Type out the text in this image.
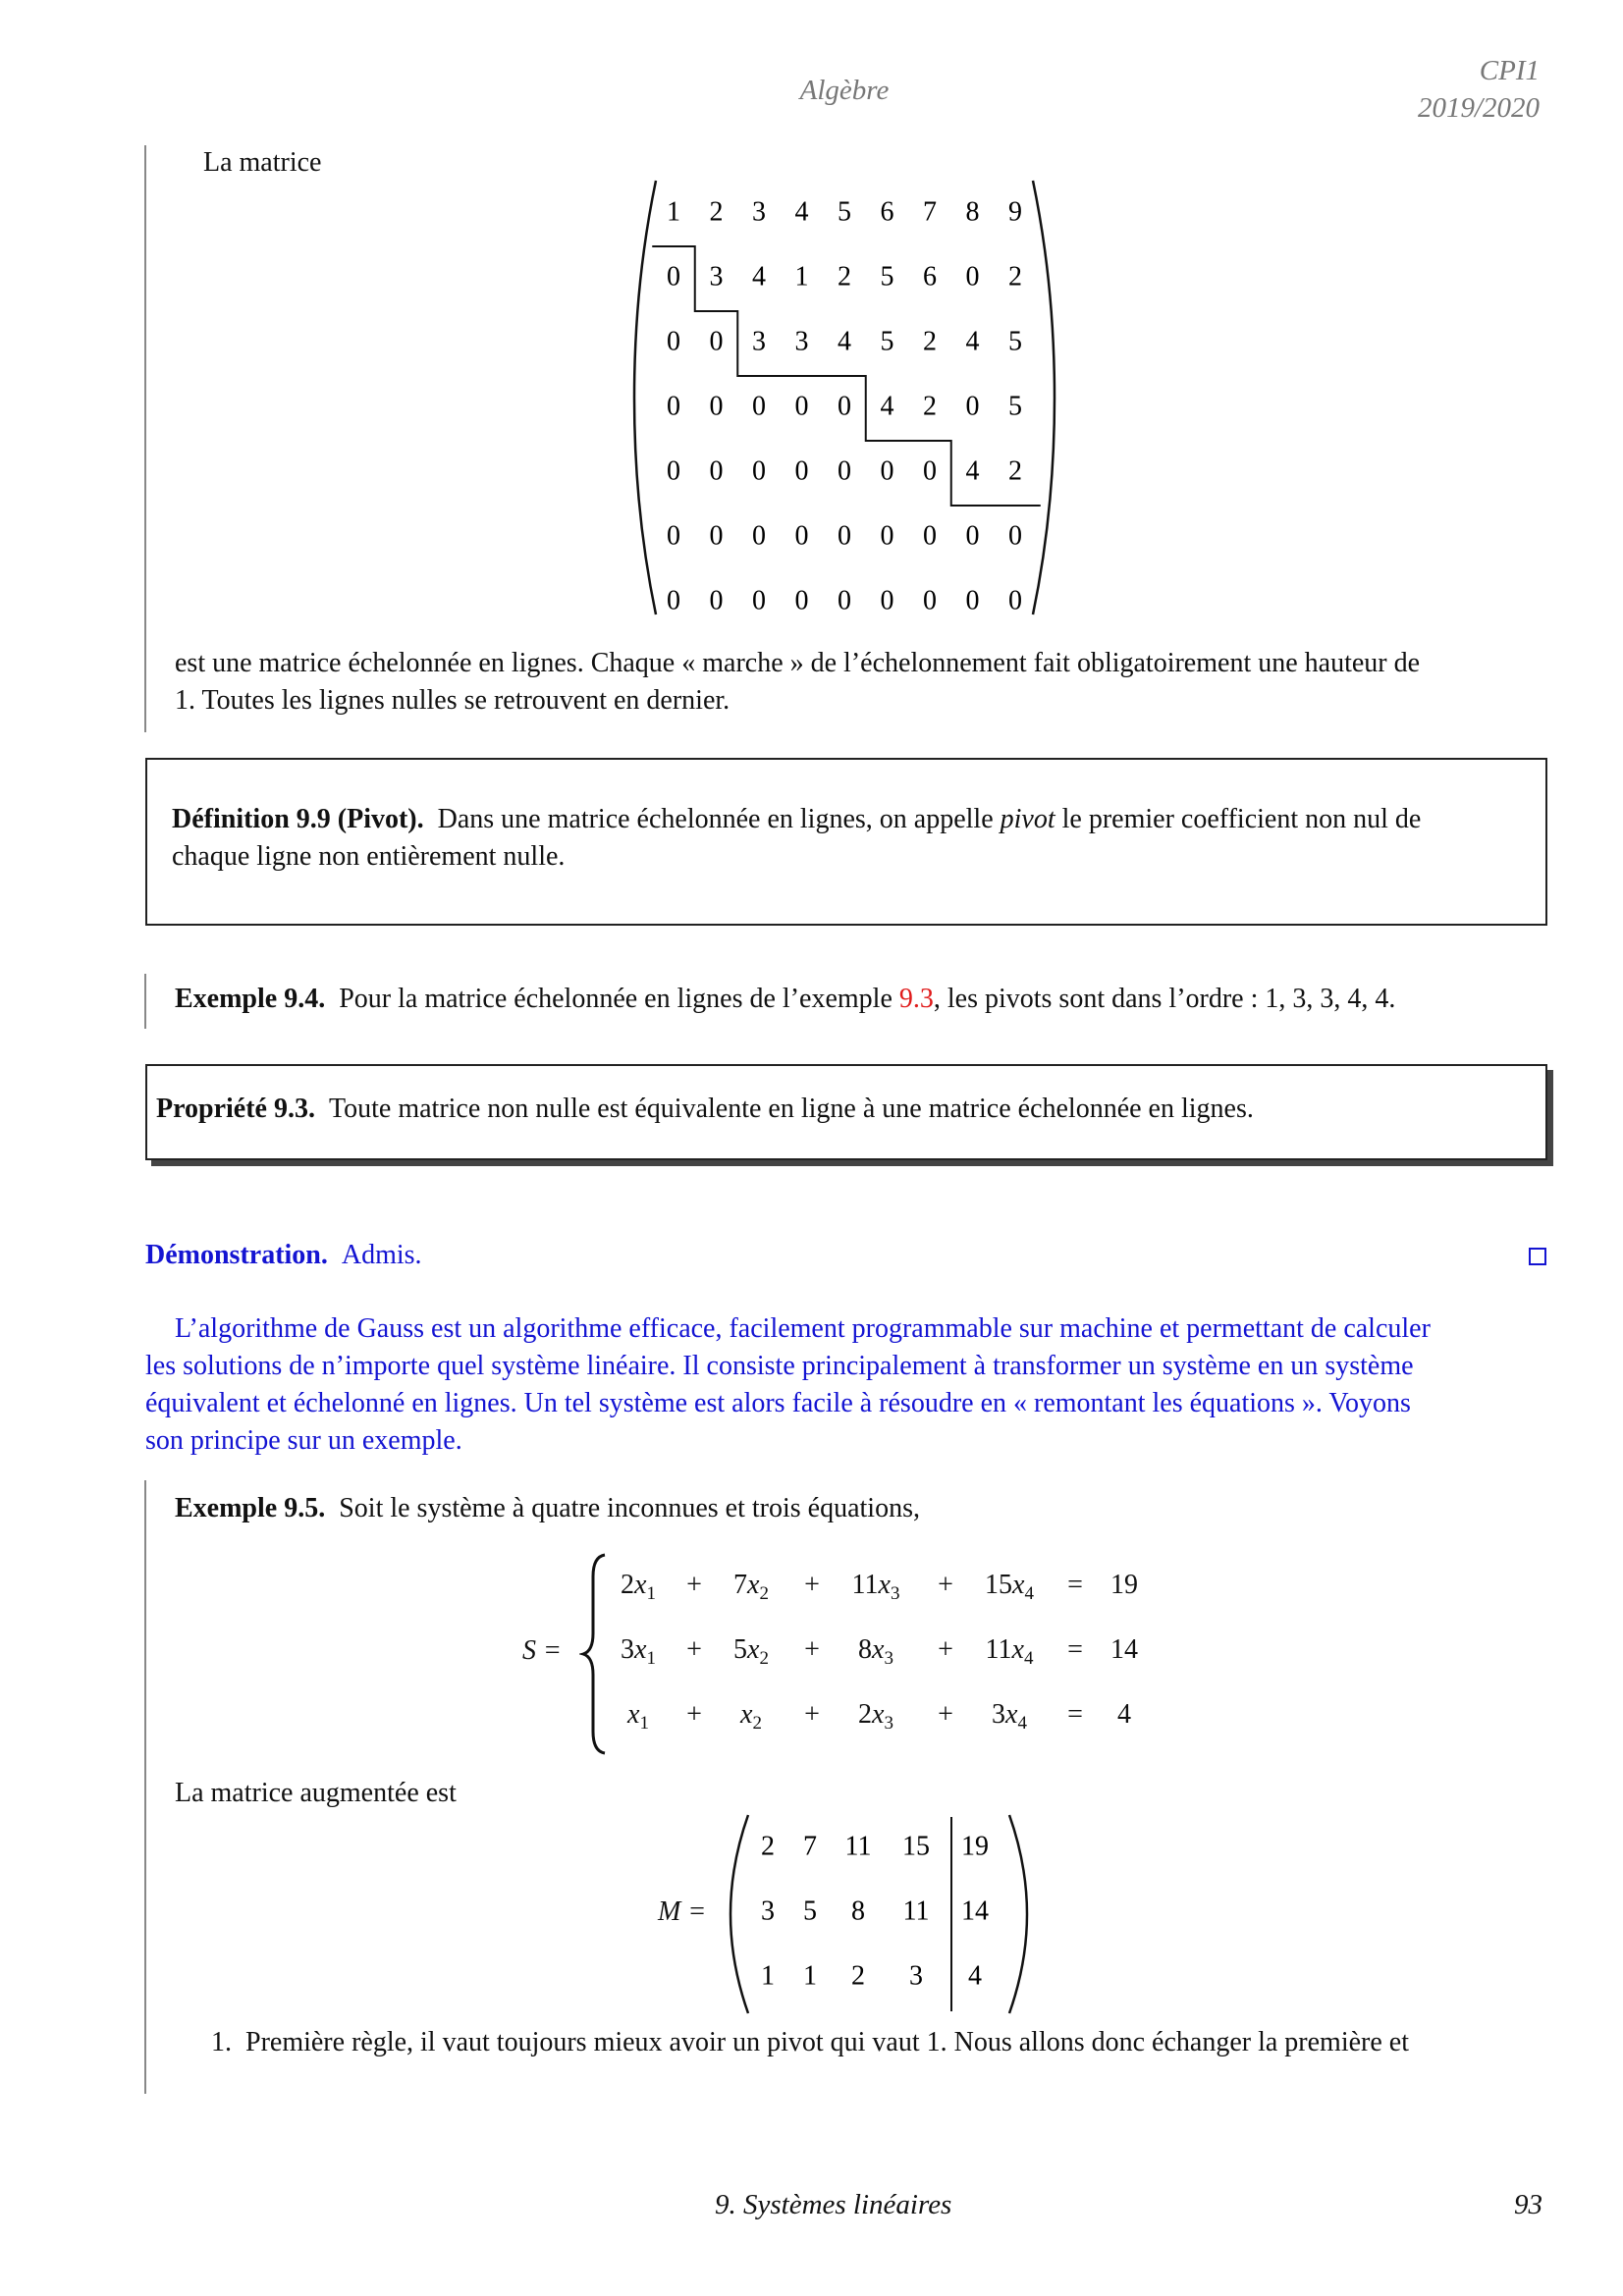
Algèbre
CPI1
2019/2020
La matrice
1 2 3 4 5 6 7 8 9
0 3 4 1 2 5 6 0 2
0 0 3 3 4 5 2 4 5
0 0 0 0 0 4 2 0 5
0 0 0 0 0 0 0 4 2
0 0 0 0 0 0 0 0 0
0 0 0 0 0 0 0 0 0
est une matrice échelonnée en lignes. Chaque « marche » de l’échelonnement fait obligatoirement une hauteur de
1. Toutes les lignes nulles se retrouvent en dernier.
Définition 9.9 (Pivot). Dans une matrice échelonnée en lignes, on appelle pivot le premier coefficient non nul de
chaque ligne non entièrement nulle.
Exemple 9.4. Pour la matrice échelonnée en lignes de l’exemple 9.3, les pivots sont dans l’ordre : 1, 3, 3, 4, 4.
Propriété 9.3. Toute matrice non nulle est équivalente en ligne à une matrice échelonnée en lignes.
Démonstration. Admis.
L’algorithme de Gauss est un algorithme efficace, facilement programmable sur machine et permettant de calculer
les solutions de n’importe quel système linéaire. Il consiste principalement à transformer un système en un système
équivalent et échelonné en lignes. Un tel système est alors facile à résoudre en « remontant les équations ». Voyons
son principe sur un exemple.
Exemple 9.5. Soit le système à quatre inconnues et trois équations,
S =
$2x_1$	+	$7x_2$	+	$11x_3$	+	$15x_4$	=	19
$3x_1$	+	$5x_2$	+	$8x_3$	+	$11x_4$	=	14
$x_1$	+	$x_2$	+	$2x_3$	+	$3x_4$	=	4
La matrice augmentée est
M =
2 7 11 15 19
3 5 8 11 14
1 1 2 3 4
1. Première règle, il vaut toujours mieux avoir un pivot qui vaut 1. Nous allons donc échanger la première et
9. Systèmes linéaires	93
